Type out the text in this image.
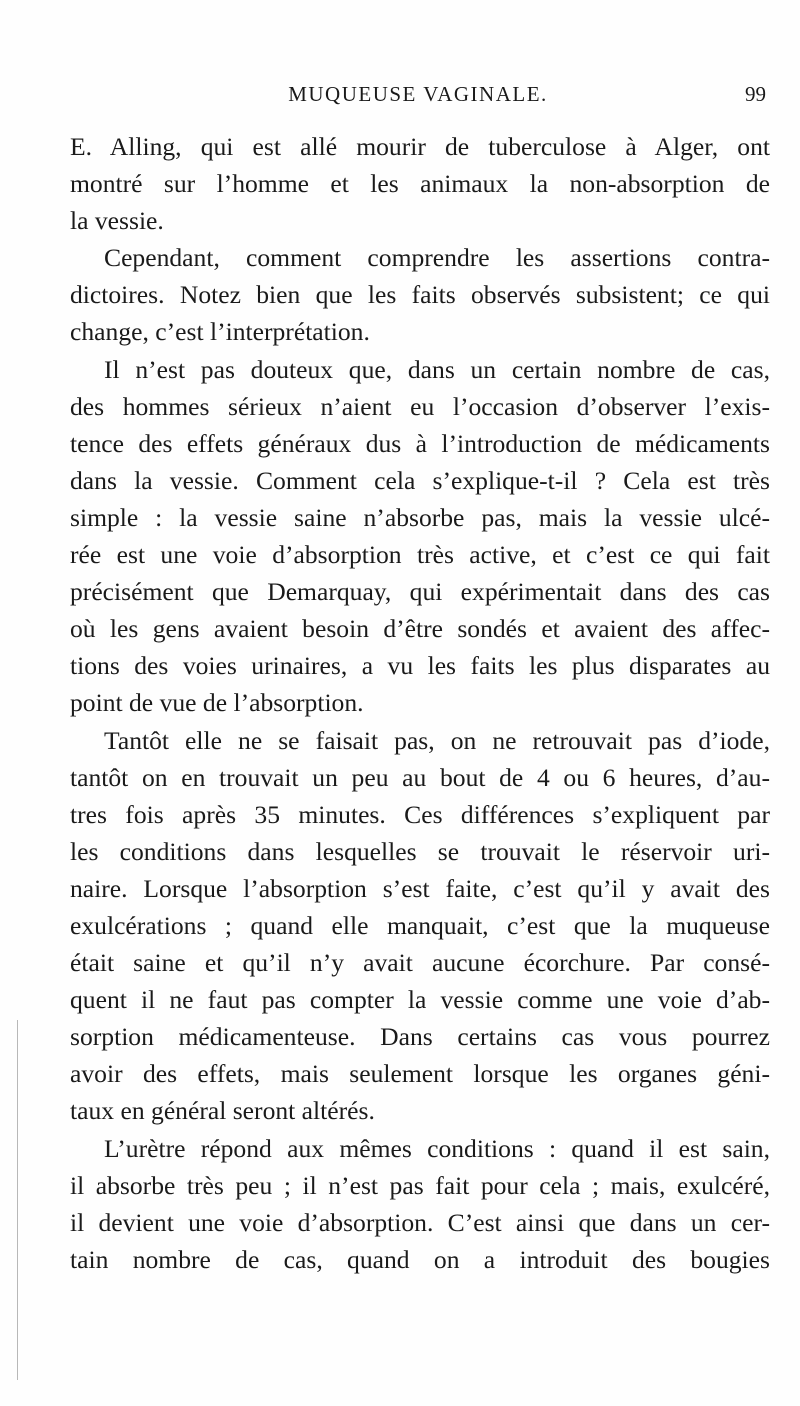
MUQUEUSE VAGINALE.	99
E. Alling, qui est allé mourir de tuberculose à Alger, ont
montré sur l’homme et les animaux la non-absorption de
la vessie.
Cependant, comment comprendre les assertions contra-
dictoires. Notez bien que les faits observés subsistent; ce qui
change, c’est l’interprétation.
Il n’est pas douteux que, dans un certain nombre de cas,
des hommes sérieux n’aient eu l’occasion d’observer l’exis-
tence des effets généraux dus à l’introduction de médicaments
dans la vessie. Comment cela s’explique-t-il ? Cela est très
simple : la vessie saine n’absorbe pas, mais la vessie ulcé-
rée est une voie d’absorption très active, et c’est ce qui fait
précisément que Demarquay, qui expérimentait dans des cas
où les gens avaient besoin d’être sondés et avaient des affec-
tions des voies urinaires, a vu les faits les plus disparates au
point de vue de l’absorption.
Tantôt elle ne se faisait pas, on ne retrouvait pas d’iode,
tantôt on en trouvait un peu au bout de 4 ou 6 heures, d’au-
tres fois après 35 minutes. Ces différences s’expliquent par
les conditions dans lesquelles se trouvait le réservoir uri-
naire. Lorsque l’absorption s’est faite, c’est qu’il y avait des
exulcérations ; quand elle manquait, c’est que la muqueuse
était saine et qu’il n’y avait aucune écorchure. Par consé-
quent il ne faut pas compter la vessie comme une voie d’ab-
sorption médicamenteuse. Dans certains cas vous pourrez
avoir des effets, mais seulement lorsque les organes géni-
taux en général seront altérés.
L’urètre répond aux mêmes conditions : quand il est sain,
il absorbe très peu ; il n’est pas fait pour cela ; mais, exulcéré,
il devient une voie d’absorption. C’est ainsi que dans un cer-
tain nombre de cas, quand on a introduit des bougies
